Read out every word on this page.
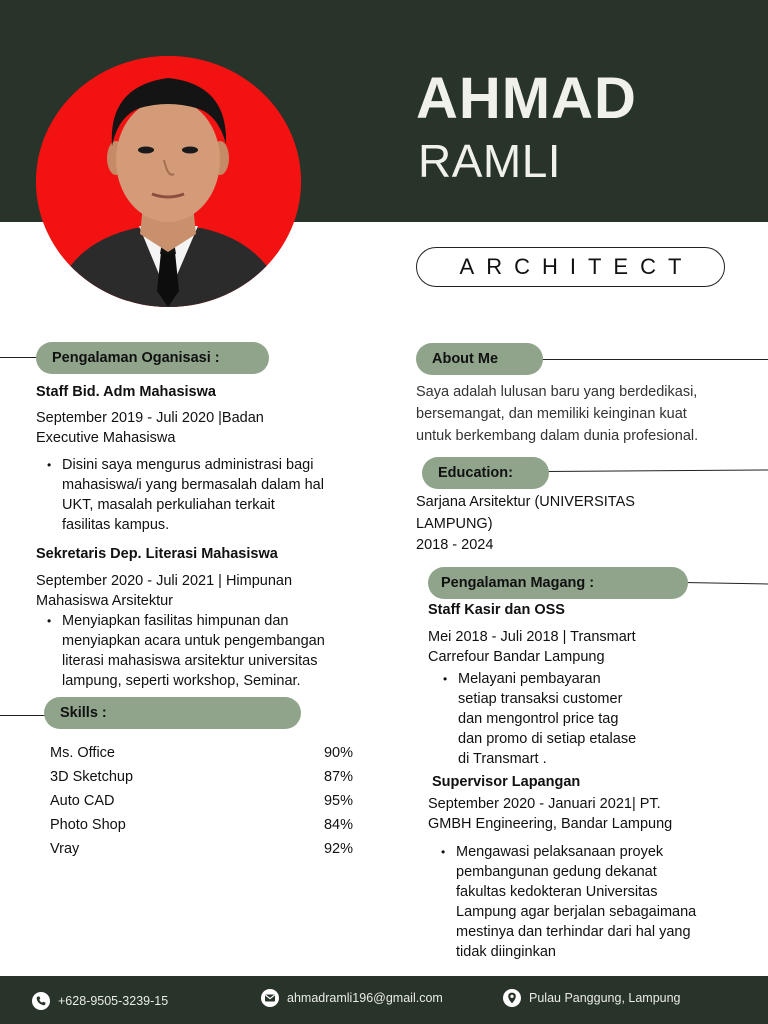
AHMAD
RAMLI
ARCHITECT
Pengalaman Oganisasi :
Staff Bid. Adm Mahasiswa
September 2019 - Juli 2020 |Badan
Executive Mahasiswa
• Disini saya mengurus administrasi bagi
mahasiswa/i yang bermasalah dalam hal
UKT, masalah perkuliahan terkait
fasilitas kampus.
Sekretaris Dep. Literasi Mahasiswa
September 2020 - Juli 2021 | Himpunan
Mahasiswa Arsitektur
• Menyiapkan fasilitas himpunan dan
menyiapkan acara untuk pengembangan
literasi mahasiswa arsitektur universitas
lampung, seperti workshop, Seminar.
Skills :
Ms. Office	90%
3D Sketchup	87%
Auto CAD	95%
Photo Shop	84%
Vray	92%
About Me
Saya adalah lulusan baru yang berdedikasi,
bersemangat, dan memiliki keinginan kuat
untuk berkembang dalam dunia profesional.
Education:
Sarjana Arsitektur (UNIVERSITAS
LAMPUNG)
2018 - 2024
Pengalaman Magang :
Staff Kasir dan OSS
Mei 2018 - Juli 2018 | Transmart
Carrefour Bandar Lampung
• Melayani pembayaran
setiap transaksi customer
dan mengontrol price tag
dan promo di setiap etalase
di Transmart .
Supervisor Lapangan
September 2020 - Januari 2021| PT.
GMBH Engineering, Bandar Lampung
• Mengawasi pelaksanaan proyek
pembangunan gedung dekanat
fakultas kedokteran Universitas
Lampung agar berjalan sebagaimana
mestinya dan terhindar dari hal yang
tidak diinginkan
+628-9505-3239-15	ahmadramli196@gmail.com	Pulau Panggung, Lampung
